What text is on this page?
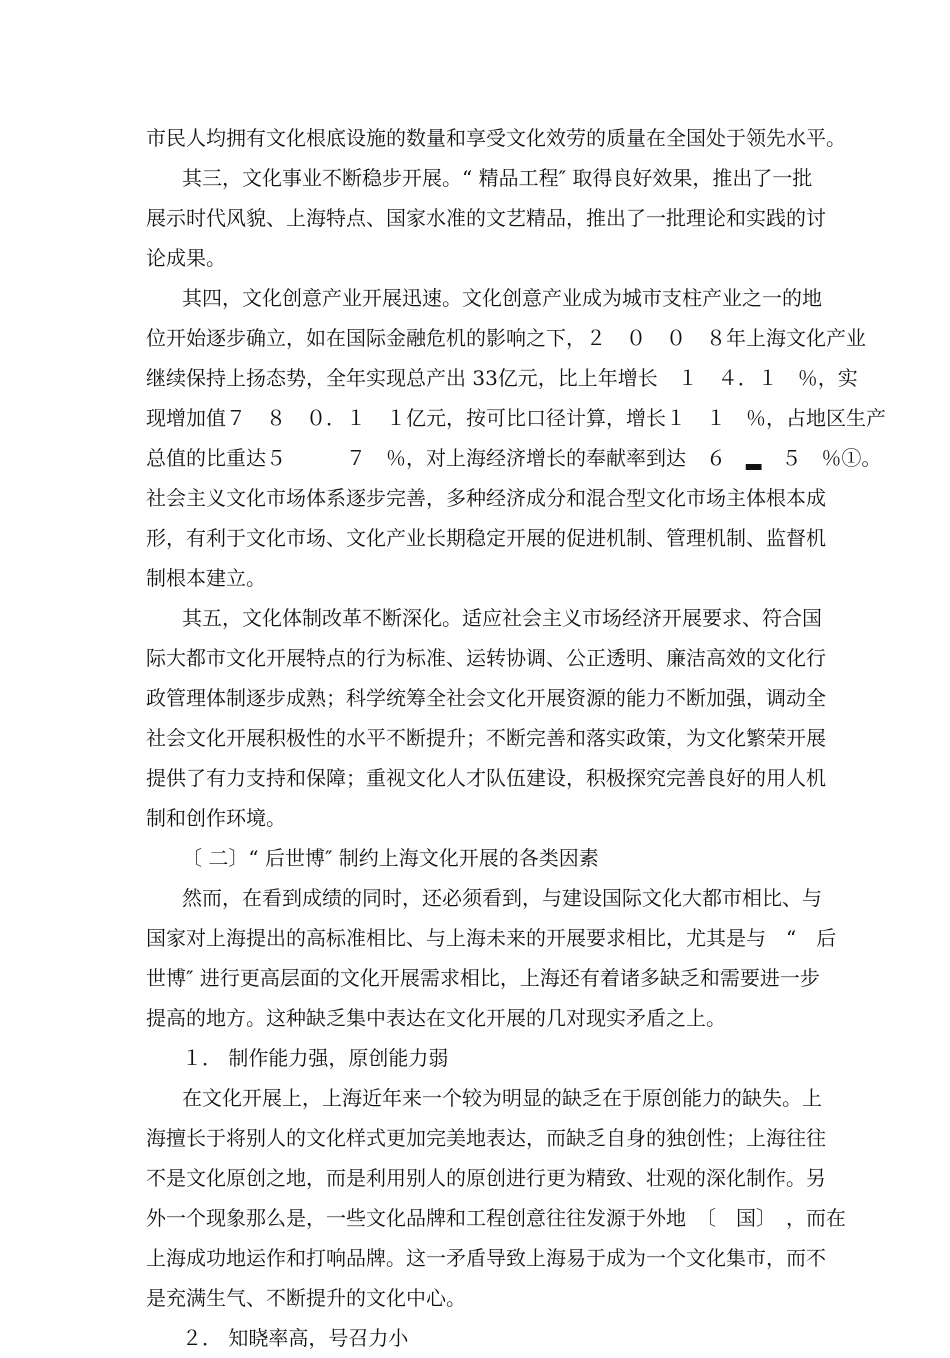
市民人均拥有文化根底设施的数量和享受文化效劳的质量在全国处于领先水平。
其三，文化事业不断稳步开展。“ 精品工程″ 取得良好效果，推出了一批
展示时代风貌、上海特点、国家水准的文艺精品，推出了一批理论和实践的讨
论成果。
其四，文化创意产业开展迅速。文化创意产业成为城市支柱产业之一的地
位开始逐步确立，如在国际金融危机的影响之下，２　０　０　８年上海文化产业
继续保持上扬态势，全年实现总产出 33亿元，比上年增长　１　４．１　％，实
现增加值７　８　０．１　１亿元，按可比口径计算，增长１　１　％，占地区生产
总值的比重达５　　　７　％，对上海经济增长的奉献率到达　６　▂　５　％①。
社会主义文化市场体系逐步完善，多种经济成分和混合型文化市场主体根本成
形，有利于文化市场、文化产业长期稳定开展的促进机制、管理机制、监督机
制根本建立。
其五，文化体制改革不断深化。适应社会主义市场经济开展要求、符合国
际大都市文化开展特点的行为标准、运转协调、公正透明、廉洁高效的文化行
政管理体制逐步成熟；科学统筹全社会文化开展资源的能力不断加强，调动全
社会文化开展积极性的水平不断提升；不断完善和落实政策，为文化繁荣开展
提供了有力支持和保障；重视文化人才队伍建设，积极探究完善良好的用人机
制和创作环境。
〔 二〕“ 后世博″ 制约上海文化开展的各类因素
然而，在看到成绩的同时，还必须看到，与建设国际文化大都市相比、与
国家对上海提出的高标准相比、与上海未来的开展要求相比，尤其是与　“　后
世博″ 进行更高层面的文化开展需求相比，上海还有着诸多缺乏和需要进一步
提高的地方。这种缺乏集中表达在文化开展的几对现实矛盾之上。
１． 制作能力强，原创能力弱
在文化开展上，上海近年来一个较为明显的缺乏在于原创能力的缺失。上
海擅长于将别人的文化样式更加完美地表达，而缺乏自身的独创性；上海往往
不是文化原创之地，而是利用别人的原创进行更为精致、壮观的深化制作。另
外一个现象那么是，一些文化品牌和工程创意往往发源于外地　〔　国〕　，而在
上海成功地运作和打响品牌。这一矛盾导致上海易于成为一个文化集市，而不
是充满生气、不断提升的文化中心。
２． 知晓率高，号召力小
